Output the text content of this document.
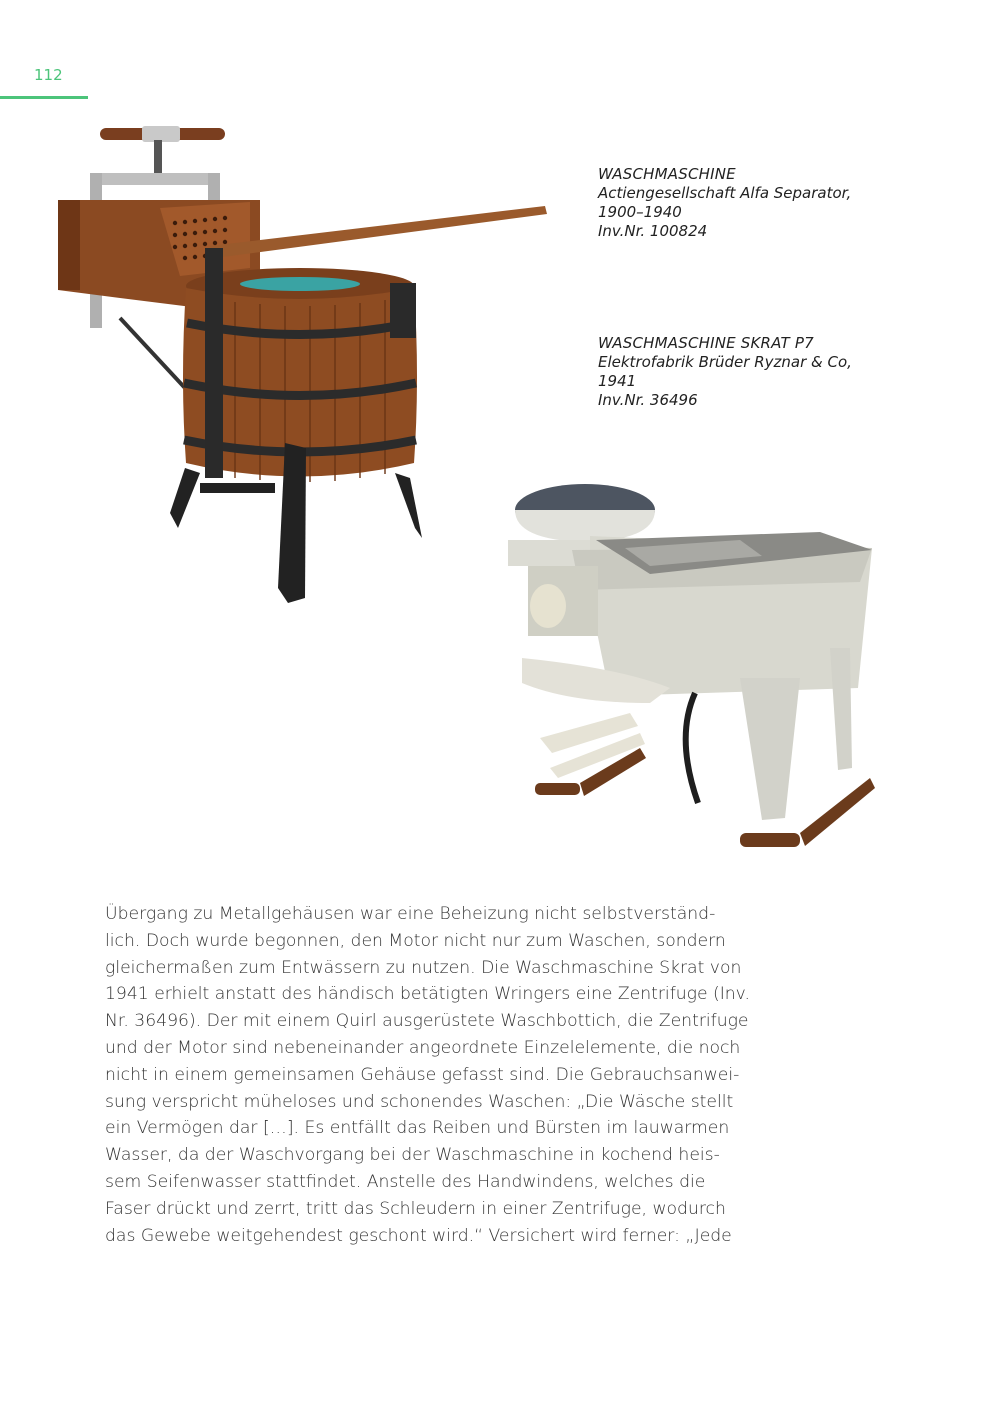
112
WASCHMASCHINE
Actiengesellschaft Alfa Separator,
1900–1940
Inv.Nr. 100824
WASCHMASCHINE SKRAT P7
Elektrofabrik Brüder Ryznar & Co,
1941
Inv.Nr. 36496
Übergang zu Metallgehäusen war eine Beheizung nicht selbstverständ-
lich. Doch wurde begonnen, den Motor nicht nur zum Waschen, sondern
gleichermaßen zum Entwässern zu nutzen. Die Waschmaschine Skrat von
1941 erhielt anstatt des händisch betätigten Wringers eine Zentrifuge (Inv.
Nr. 36496). Der mit einem Quirl ausgerüstete Waschbottich, die Zentrifuge
und der Motor sind nebeneinander angeordnete Einzelelemente, die noch
nicht in einem gemeinsamen Gehäuse gefasst sind. Die Gebrauchsanwei-
sung verspricht müheloses und schonendes Waschen: „Die Wäsche stellt
ein Vermögen dar […]. Es entfällt das Reiben und Bürsten im lauwarmen
Wasser, da der Waschvorgang bei der Waschmaschine in kochend heis-
sem Seifenwasser stattfindet. Anstelle des Handwindens, welches die
Faser drückt und zerrt, tritt das Schleudern in einer Zentrifuge, wodurch
das Gewebe weitgehendest geschont wird.“ Versichert wird ferner: „Jede
